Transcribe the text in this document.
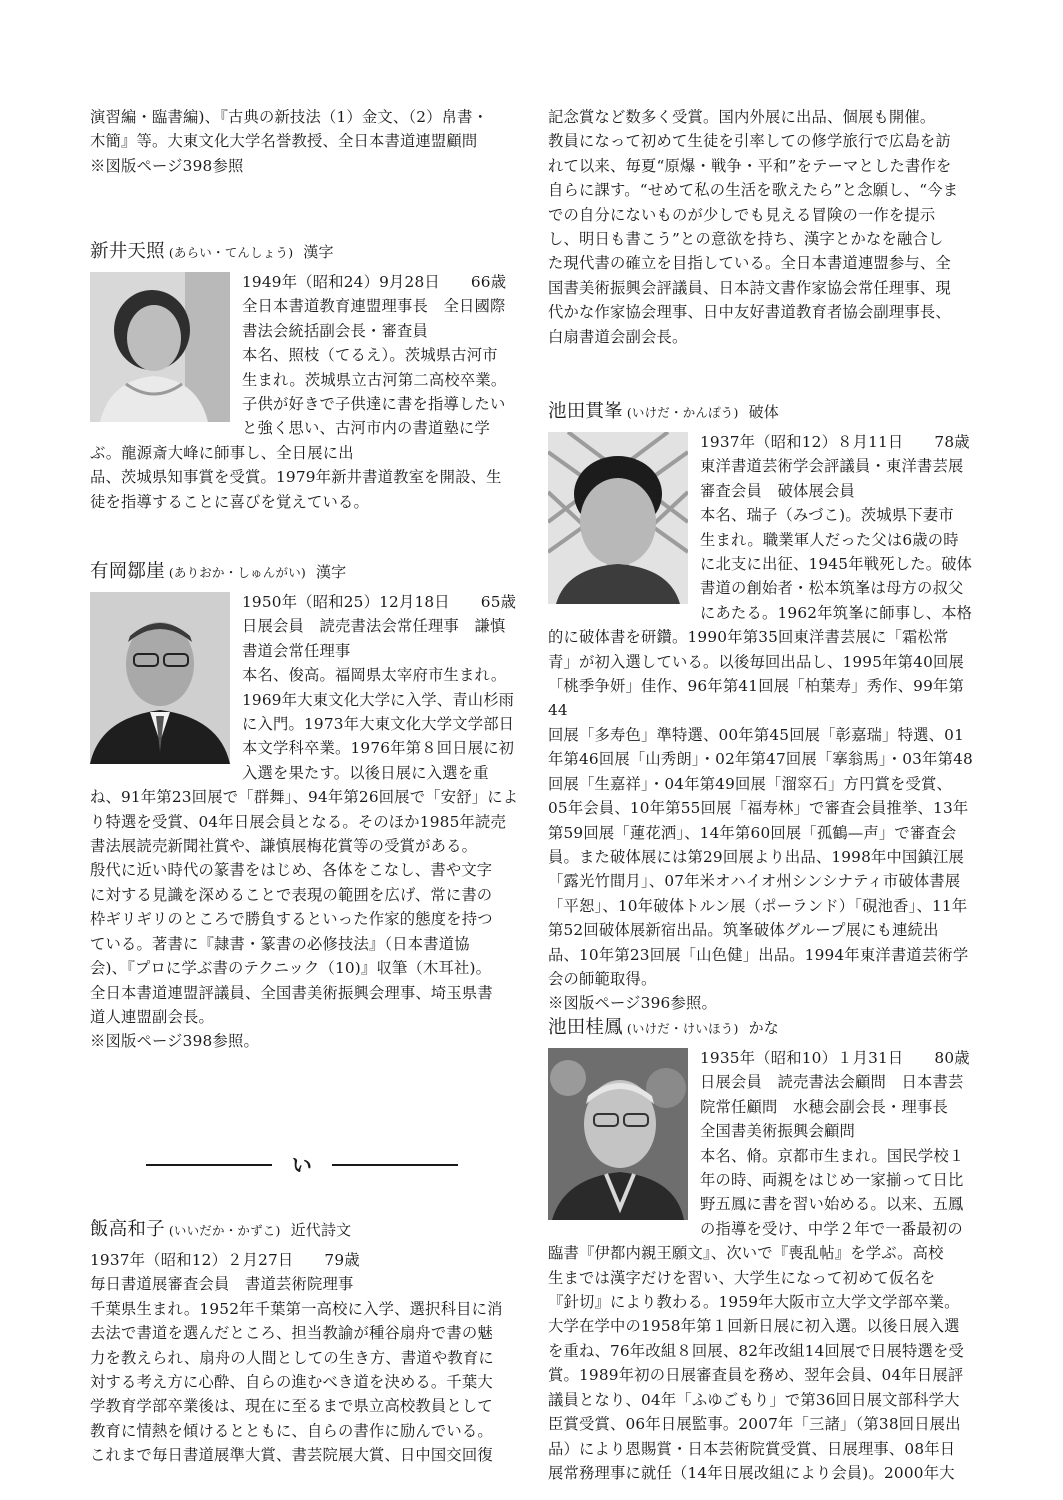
演習編・臨書編)、『古典の新技法（1）金文、（2）帛書・

木簡』等。大東文化大学名誉教授、全日本書道連盟顧問

※図版ページ398参照

新井天照 (あらい・てんしょう) 漢字

1949年（昭和24）9月28日　　66歳

全日本書道教育連盟理事長　全日國際

書法会統括副会長・審査員

本名、照枝（てるえ）。茨城県古河市

生まれ。茨城県立古河第二高校卒業。

子供が好きで子供達に書を指導したい

と強く思い、古河市内の書道塾に学

ぶ。龍源斎大峰に師事し、全日展に出

品、茨城県知事賞を受賞。1979年新井書道教室を開設、生

徒を指導することに喜びを覚えている。

有岡鄒崖 (ありおか・しゅんがい) 漢字

1950年（昭和25）12月18日　　65歳

日展会員　読売書法会常任理事　謙慎

書道会常任理事

本名、俊高。福岡県太宰府市生まれ。

1969年大東文化大学に入学、青山杉雨

に入門。1973年大東文化大学文学部日

本文学科卒業。1976年第８回日展に初

入選を果たす。以後日展に入選を重

ね、91年第23回展で「群舞」、94年第26回展で「安舒」によ

り特選を受賞、04年日展会員となる。そのほか1985年読売

書法展読売新聞社賞や、謙慎展梅花賞等の受賞がある。

殷代に近い時代の篆書をはじめ、各体をこなし、書や文字

に対する見識を深めることで表現の範囲を広げ、常に書の

枠ギリギリのところで勝負するといった作家的態度を持つ

ている。著書に『隷書・篆書の必修技法』（日本書道協

会)、『プロに学ぶ書のテクニック（10)』収筆（木耳社)。

全日本書道連盟評議員、全国書美術振興会理事、埼玉県書

道人連盟副会長。

※図版ページ398参照。

い
飯高和子 (いいだか・かずこ) 近代詩文

1937年（昭和12）２月27日　　79歳

毎日書道展審査会員　書道芸術院理事

千葉県生まれ。1952年千葉第一高校に入学、選択科目に消

去法で書道を選んだところ、担当教諭が種谷扇舟で書の魅

力を教えられ、扇舟の人間としての生き方、書道や教育に

対する考え方に心酔、自らの進むべき道を決める。千葉大

学教育学部卒業後は、現在に至るまで県立高校教員として

教育に情熱を傾けるとともに、自らの書作に励んでいる。

これまで毎日書道展準大賞、書芸院展大賞、日中国交回復

記念賞など数多く受賞。国内外展に出品、個展も開催。

教員になって初めて生徒を引率しての修学旅行で広島を訪

れて以来、毎夏“原爆・戦争・平和”をテーマとした書作を

自らに課す。“せめて私の生活を歌えたら”と念願し、“今ま

での自分にないものが少しでも見える冒険の一作を提示

し、明日も書こう”との意欲を持ち、漢字とかなを融合し

た現代書の確立を目指している。全日本書道連盟参与、全

国書美術振興会評議員、日本詩文書作家協会常任理事、現

代かな作家協会理事、日中友好書道教育者協会副理事長、

白扇書道会副会長。

池田貫峯 (いけだ・かんぽう) 破体

1937年（昭和12）８月11日　　78歳

東洋書道芸術学会評議員・東洋書芸展

審査会員　破体展会員

本名、瑞子（みづこ)。茨城県下妻市

生まれ。職業軍人だった父は6歳の時

に北支に出征、1945年戦死した。破体

書道の創始者・松本筑峯は母方の叔父

にあたる。1962年筑峯に師事し、本格

的に破体書を研鑽。1990年第35回東洋書芸展に「霜松常

青」が初入選している。以後毎回出品し、1995年第40回展

「桃季争妍」佳作、96年第41回展「柏葉寿」秀作、99年第44

回展「多寿色」準特選、00年第45回展「彰嘉瑞」特選、01

年第46回展「山秀朗」・02年第47回展「搴翁馬」・03年第48

回展「生嘉祥」・04年第49回展「溜窣石」方円賞を受賞、

05年会員、10年第55回展「福寿林」で審査会員推挙、13年

第59回展「蓮花洒」、14年第60回展「孤鶴—声」で審査会

員。また破体展には第29回展より出品、1998年中国鎮江展

「露光竹間月」、07年米オハイオ州シンシナティ市破体書展

「平恕」、10年破体トルン展（ポーランド）「硯池香」、11年

第52回破体展新宿出品。筑峯破体グループ展にも連続出

品、10年第23回展「山色健」出品。1994年東洋書道芸術学

会の師範取得。

※図版ページ396参照。

池田桂鳳 (いけだ・けいほう) かな

1935年（昭和10）１月31日　　80歳

日展会員　読売書法会顧問　日本書芸

院常任顧問　水穂会副会長・理事長

全国書美術振興会顧問

本名、脩。京都市生まれ。国民学校１

年の時、両親をはじめ一家揃って日比

野五鳳に書を習い始める。以来、五鳳

の指導を受け、中学２年で一番最初の

臨書『伊都内親王願文』、次いで『喪乱帖』を学ぶ。高校

生までは漢字だけを習い、大学生になって初めて仮名を

『針切』により教わる。1959年大阪市立大学文学部卒業。

大学在学中の1958年第１回新日展に初入選。以後日展入選

を重ね、76年改組８回展、82年改組14回展で日展特選を受

賞。1989年初の日展審査員を務め、翌年会員、04年日展評

議員となり、04年「ふゆごもり」で第36回日展文部科学大

臣賞受賞、06年日展監事。2007年「三諸」（第38回日展出

品）により恩賜賞・日本芸術院賞受賞、日展理事、08年日

展常務理事に就任（14年日展改組により会員)。2000年大
